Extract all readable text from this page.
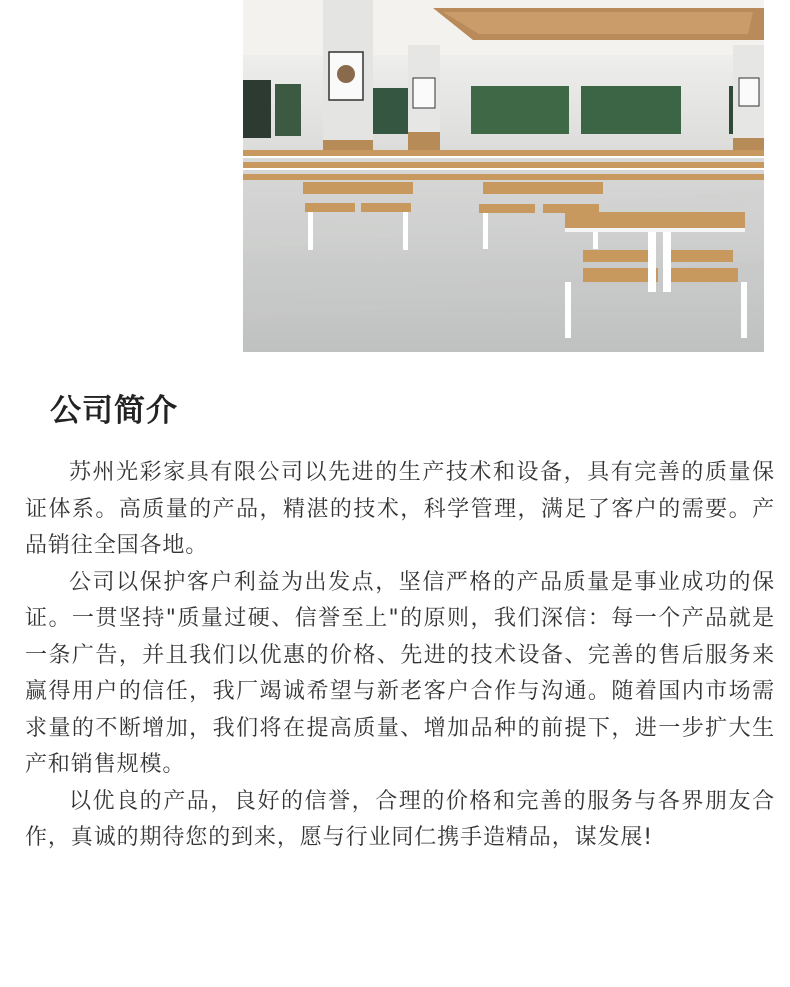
公司简介

苏州光彩家具有限公司以先进的生产技术和设备，具有完善的质量保证体系。高质量的产品，精湛的技术，科学管理，满足了客户的需要。产品销往全国各地。

公司以保护客户利益为出发点，坚信严格的产品质量是事业成功的保证。一贯坚持"质量过硬、信誉至上"的原则，我们深信：每一个产品就是一条广告，并且我们以优惠的价格、先进的技术设备、完善的售后服务来赢得用户的信任，我厂竭诚希望与新老客户合作与沟通。随着国内市场需求量的不断增加，我们将在提高质量、增加品种的前提下，进一步扩大生产和销售规模。

以优良的产品，良好的信誉，合理的价格和完善的服务与各界朋友合作，真诚的期待您的到来，愿与行业同仁携手造精品，谋发展!
